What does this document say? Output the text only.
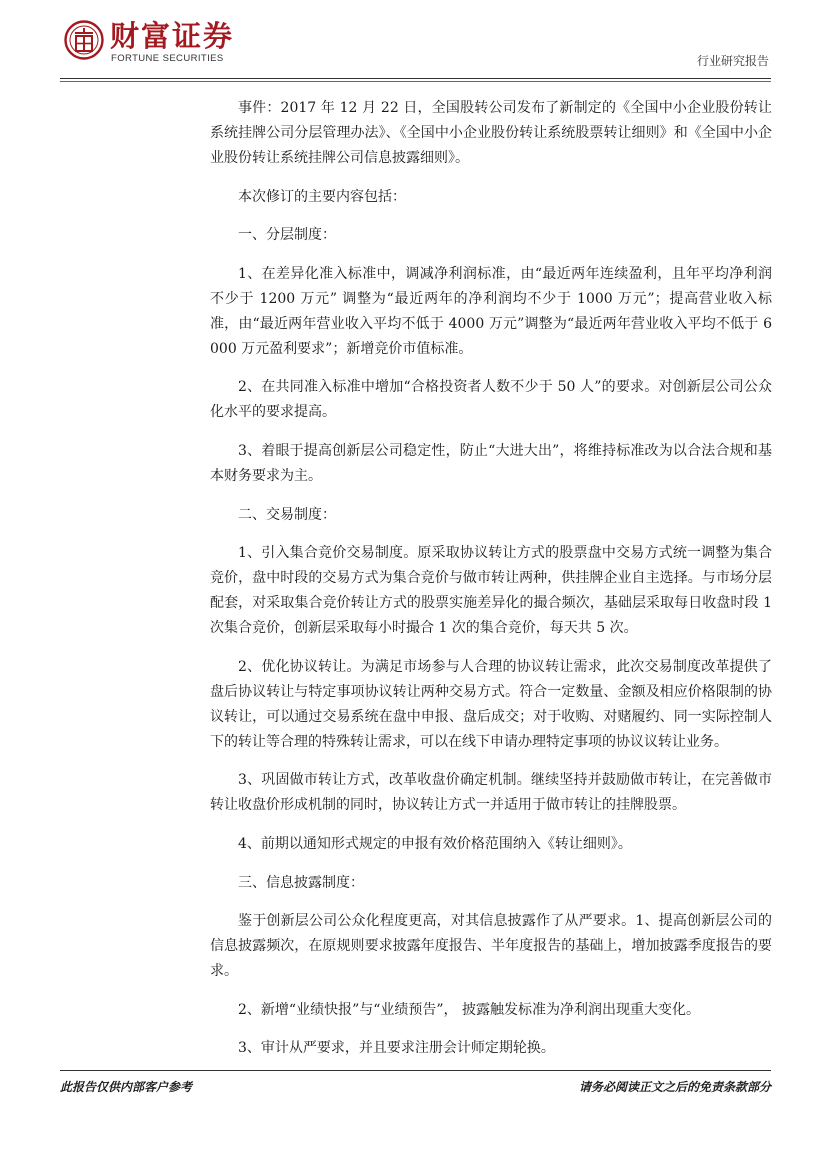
财富证券
FORTUNE SECURITIES	行业研究报告

事件：2017 年 12 月 22 日，全国股转公司发布了新制定的《全国中小企业股份转让系统挂牌公司分层管理办法》、《全国中小企业股份转让系统股票转让细则》和《全国中小企业股份转让系统挂牌公司信息披露细则》。

本次修订的主要内容包括：

一、分层制度：

1、在差异化准入标准中，调减净利润标准，由“最近两年连续盈利，且年平均净利润不少于 1200 万元” 调整为“最近两年的净利润均不少于 1000 万元”；提高营业收入标准，由“最近两年营业收入平均不低于 4000 万元”调整为“最近两年营业收入平均不低于 6000 万元盈利要求”；新增竞价市值标准。

2、在共同准入标准中增加“合格投资者人数不少于 50 人”的要求。对创新层公司公众化水平的要求提高。

3、着眼于提高创新层公司稳定性，防止“大进大出”，将维持标准改为以合法合规和基本财务要求为主。

二、交易制度：

1、引入集合竞价交易制度。原采取协议转让方式的股票盘中交易方式统一调整为集合竞价，盘中时段的交易方式为集合竞价与做市转让两种，供挂牌企业自主选择。与市场分层配套，对采取集合竞价转让方式的股票实施差异化的撮合频次，基础层采取每日收盘时段 1 次集合竞价，创新层采取每小时撮合 1 次的集合竞价，每天共 5 次。

2、优化协议转让。为满足市场参与人合理的协议转让需求，此次交易制度改革提供了盘后协议转让与特定事项协议转让两种交易方式。符合一定数量、金额及相应价格限制的协议转让，可以通过交易系统在盘中申报、盘后成交；对于收购、对赌履约、同一实际控制人下的转让等合理的特殊转让需求，可以在线下申请办理特定事项的协议议转让业务。

3、巩固做市转让方式，改革收盘价确定机制。继续坚持并鼓励做市转让，在完善做市转让收盘价形成机制的同时，协议转让方式一并适用于做市转让的挂牌股票。

4、前期以通知形式规定的申报有效价格范围纳入《转让细则》。

三、信息披露制度：

鉴于创新层公司公众化程度更高，对其信息披露作了从严要求。1、提高创新层公司的信息披露频次，在原规则要求披露年度报告、半年度报告的基础上，增加披露季度报告的要求。

2、新增“业绩快报”与“业绩预告”， 披露触发标准为净利润出现重大变化。

3、审计从严要求，并且要求注册会计师定期轮换。

此报告仅供内部客户参考	请务必阅读正文之后的免责条款部分
